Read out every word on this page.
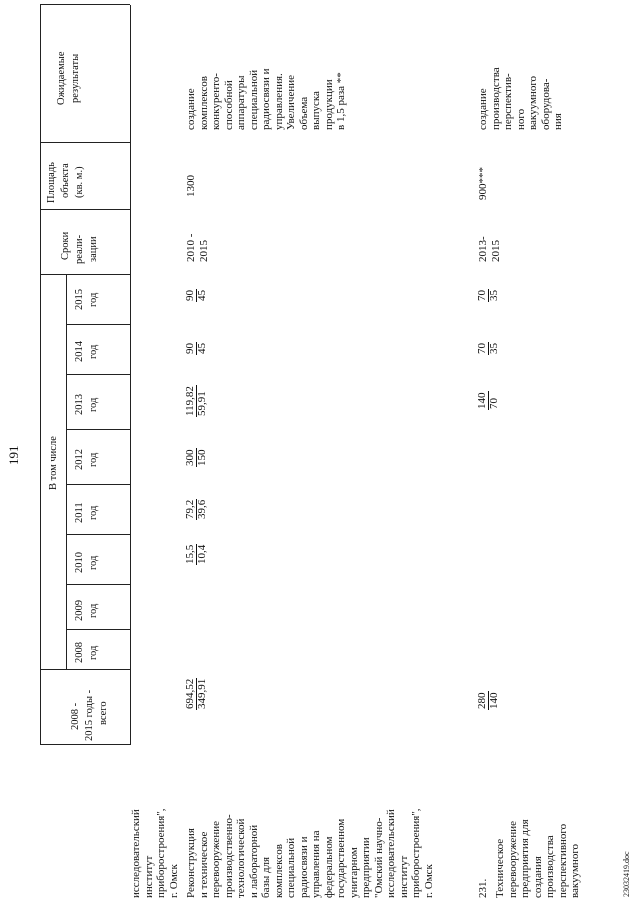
191
2008 - 2015 годы - всего
В том числе
2008 год
2009 год
2010 год
2011 год
2012 год
2013 год
2014 год
2015 год
Сроки реали- зации
Площадь объекта (кв. м.)
Ожидаемые результаты
исследовательский институт приборостроения", г. Омск Реконструкция и техническое перевооружение производственно- технологической и лабораторной базы для комплексов специальной радиосвязи и управления на федеральном государственном унитарном предприятии "Омский научно- исследовательский институт приборостроения", г. Омск
694,52 349,91
15,5 10,4
79,2 39,6
300 150
119,82 59,91
90 45
90 45
2010 - 2015
1300
создание комплексов конкуренто- способной аппаратуры специальной радиосвязи и управления. Увеличение объема выпуска продукции в 1,5 раза **
231. Техническое перевооружение предприятия для создания производства перспективного вакуумного
280 140
140 70
70 35
70 35
2013- 2015
900***
создание производства перспектив- ного вакуумного оборудова- ния
23032419.doc
